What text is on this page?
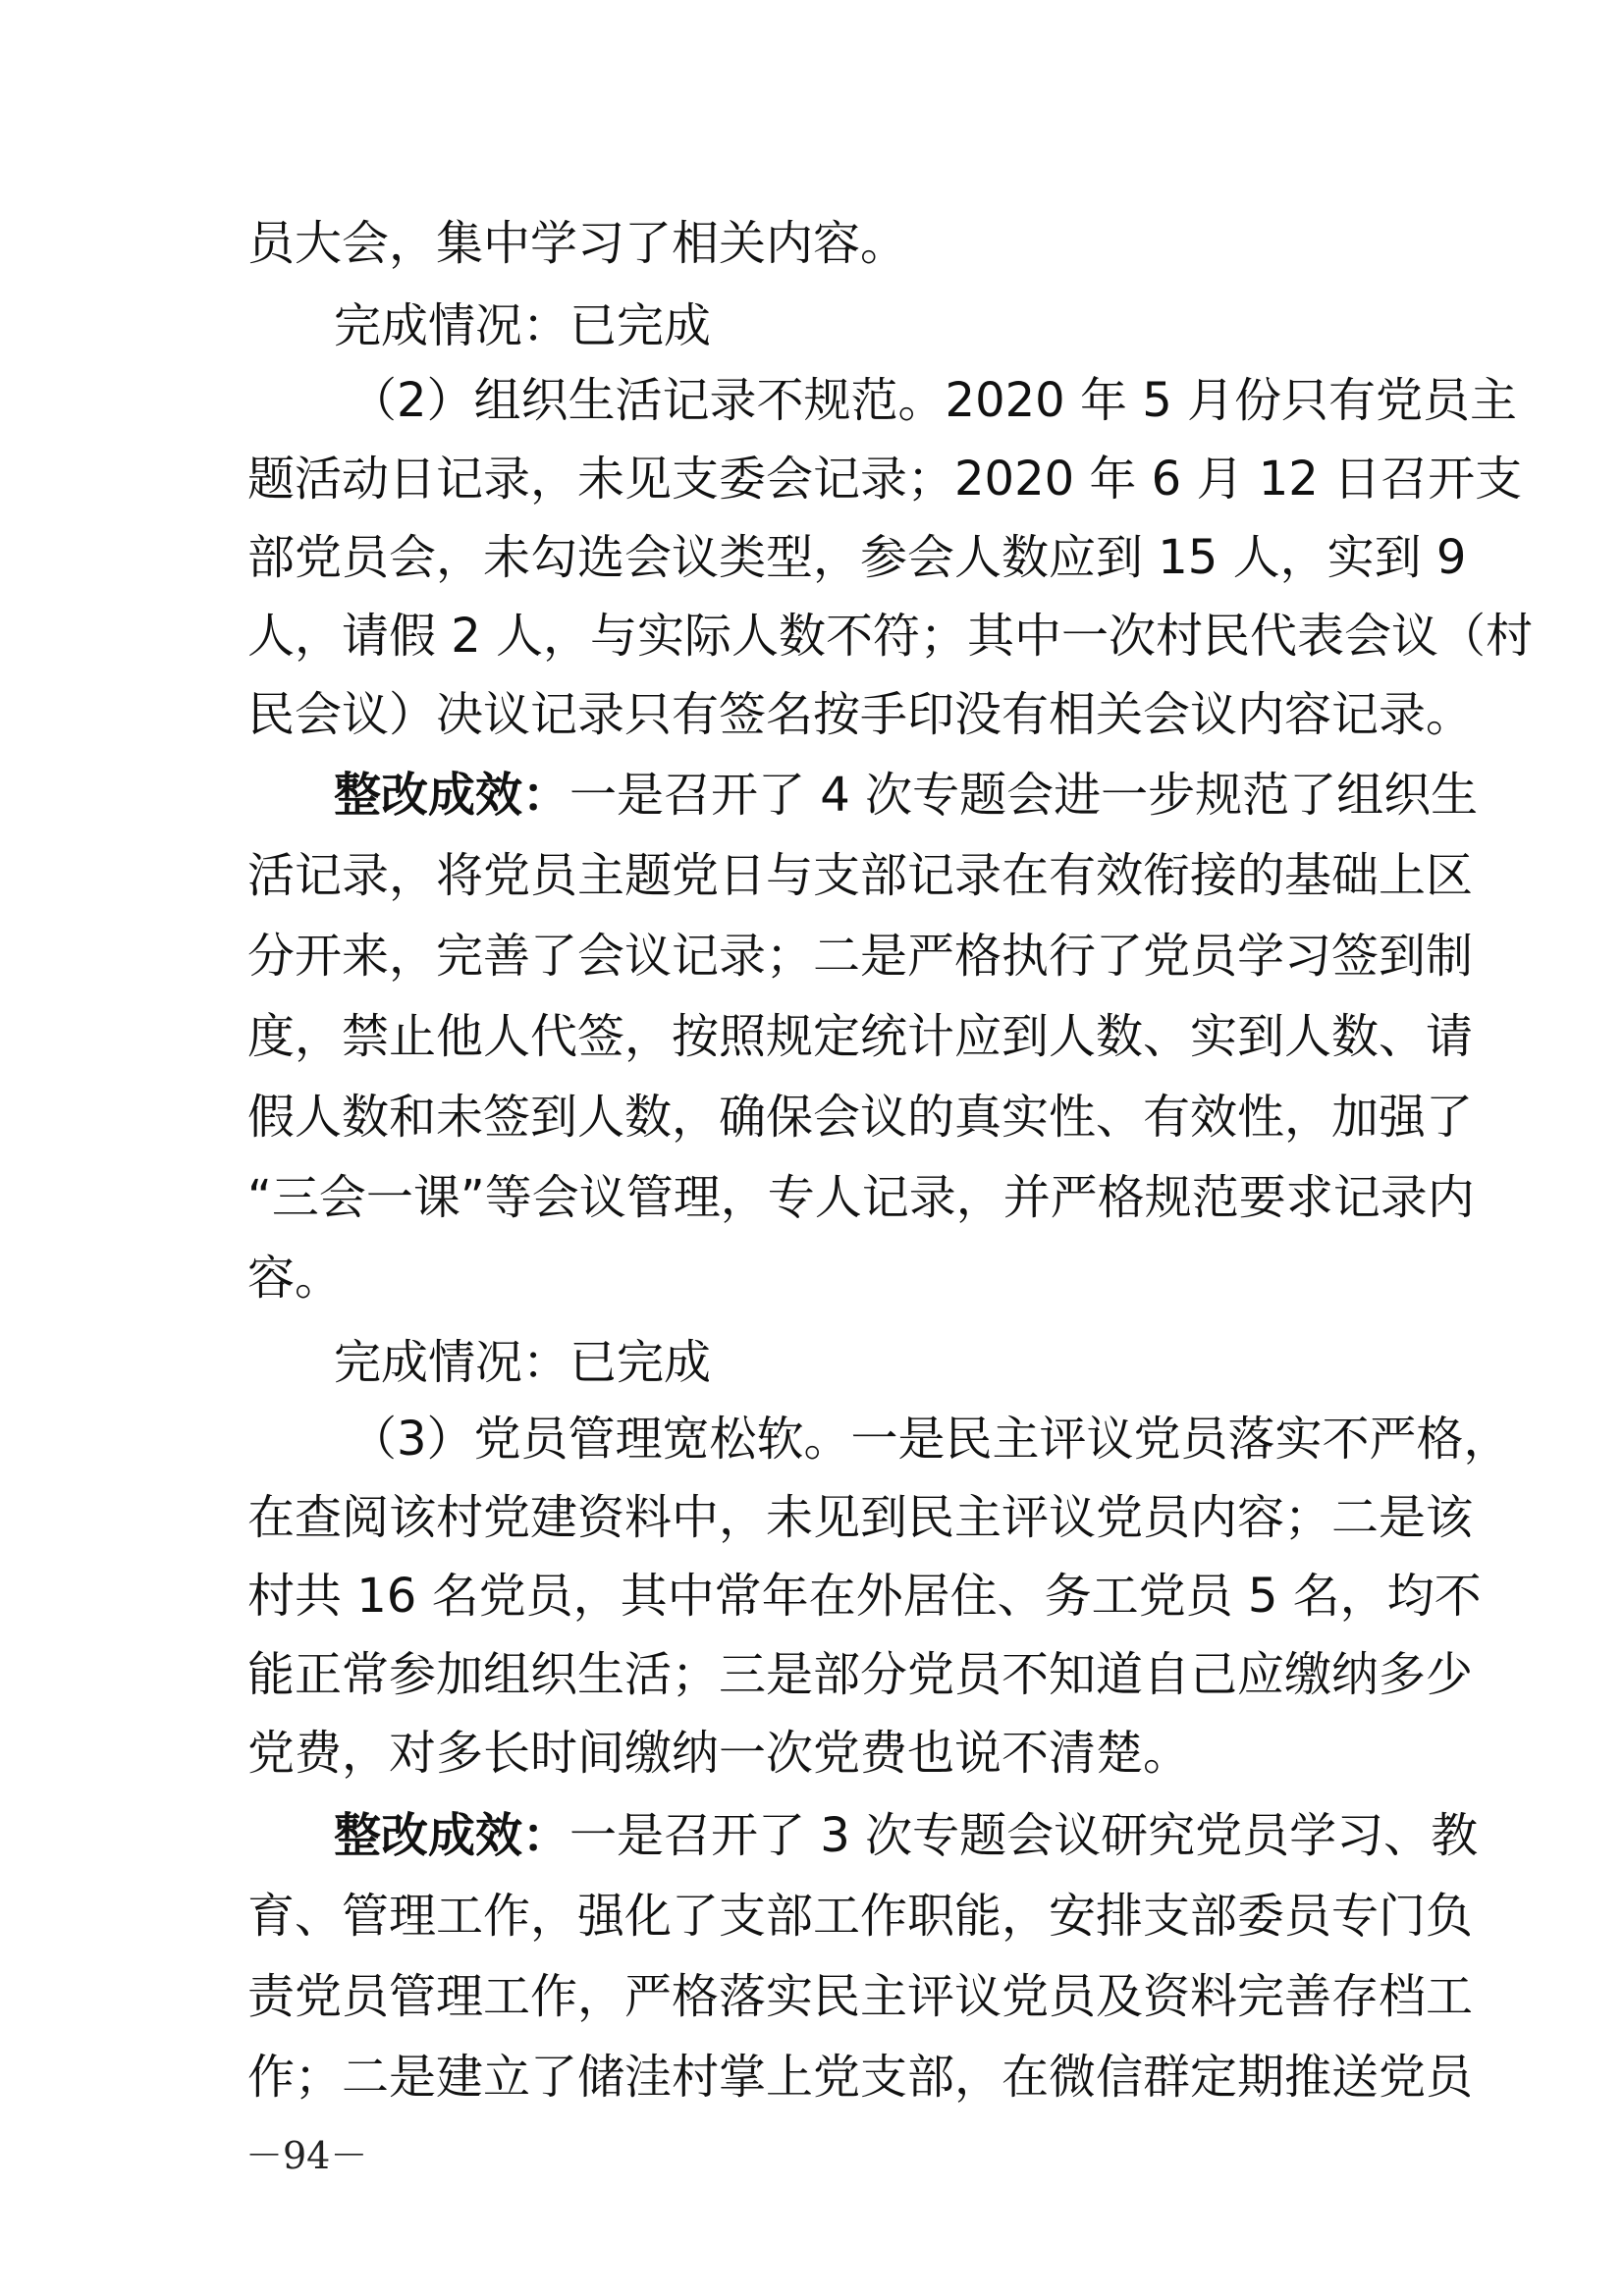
员大会，集中学习了相关内容。
完成情况：已完成
（2）组织生活记录不规范。2020 年 5 月份只有党员主
题活动日记录，未见支委会记录；2020 年 6 月 12 日召开支
部党员会，未勾选会议类型，参会人数应到 15 人，实到 9
人，请假 2 人，与实际人数不符；其中一次村民代表会议（村
民会议）决议记录只有签名按手印没有相关会议内容记录。
整改成效：一是召开了 4 次专题会进一步规范了组织生
活记录，将党员主题党日与支部记录在有效衔接的基础上区
分开来，完善了会议记录；二是严格执行了党员学习签到制
度，禁止他人代签，按照规定统计应到人数、实到人数、请
假人数和未签到人数，确保会议的真实性、有效性，加强了
“三会一课”等会议管理，专人记录，并严格规范要求记录内
容。
完成情况：已完成
（3）党员管理宽松软。一是民主评议党员落实不严格，
在查阅该村党建资料中，未见到民主评议党员内容；二是该
村共 16 名党员，其中常年在外居住、务工党员 5 名，均不
能正常参加组织生活；三是部分党员不知道自己应缴纳多少
党费，对多长时间缴纳一次党费也说不清楚。
整改成效：一是召开了 3 次专题会议研究党员学习、教
育、管理工作，强化了支部工作职能，安排支部委员专门负
责党员管理工作，严格落实民主评议党员及资料完善存档工
作；二是建立了储洼村掌上党支部，在微信群定期推送党员
－94－
